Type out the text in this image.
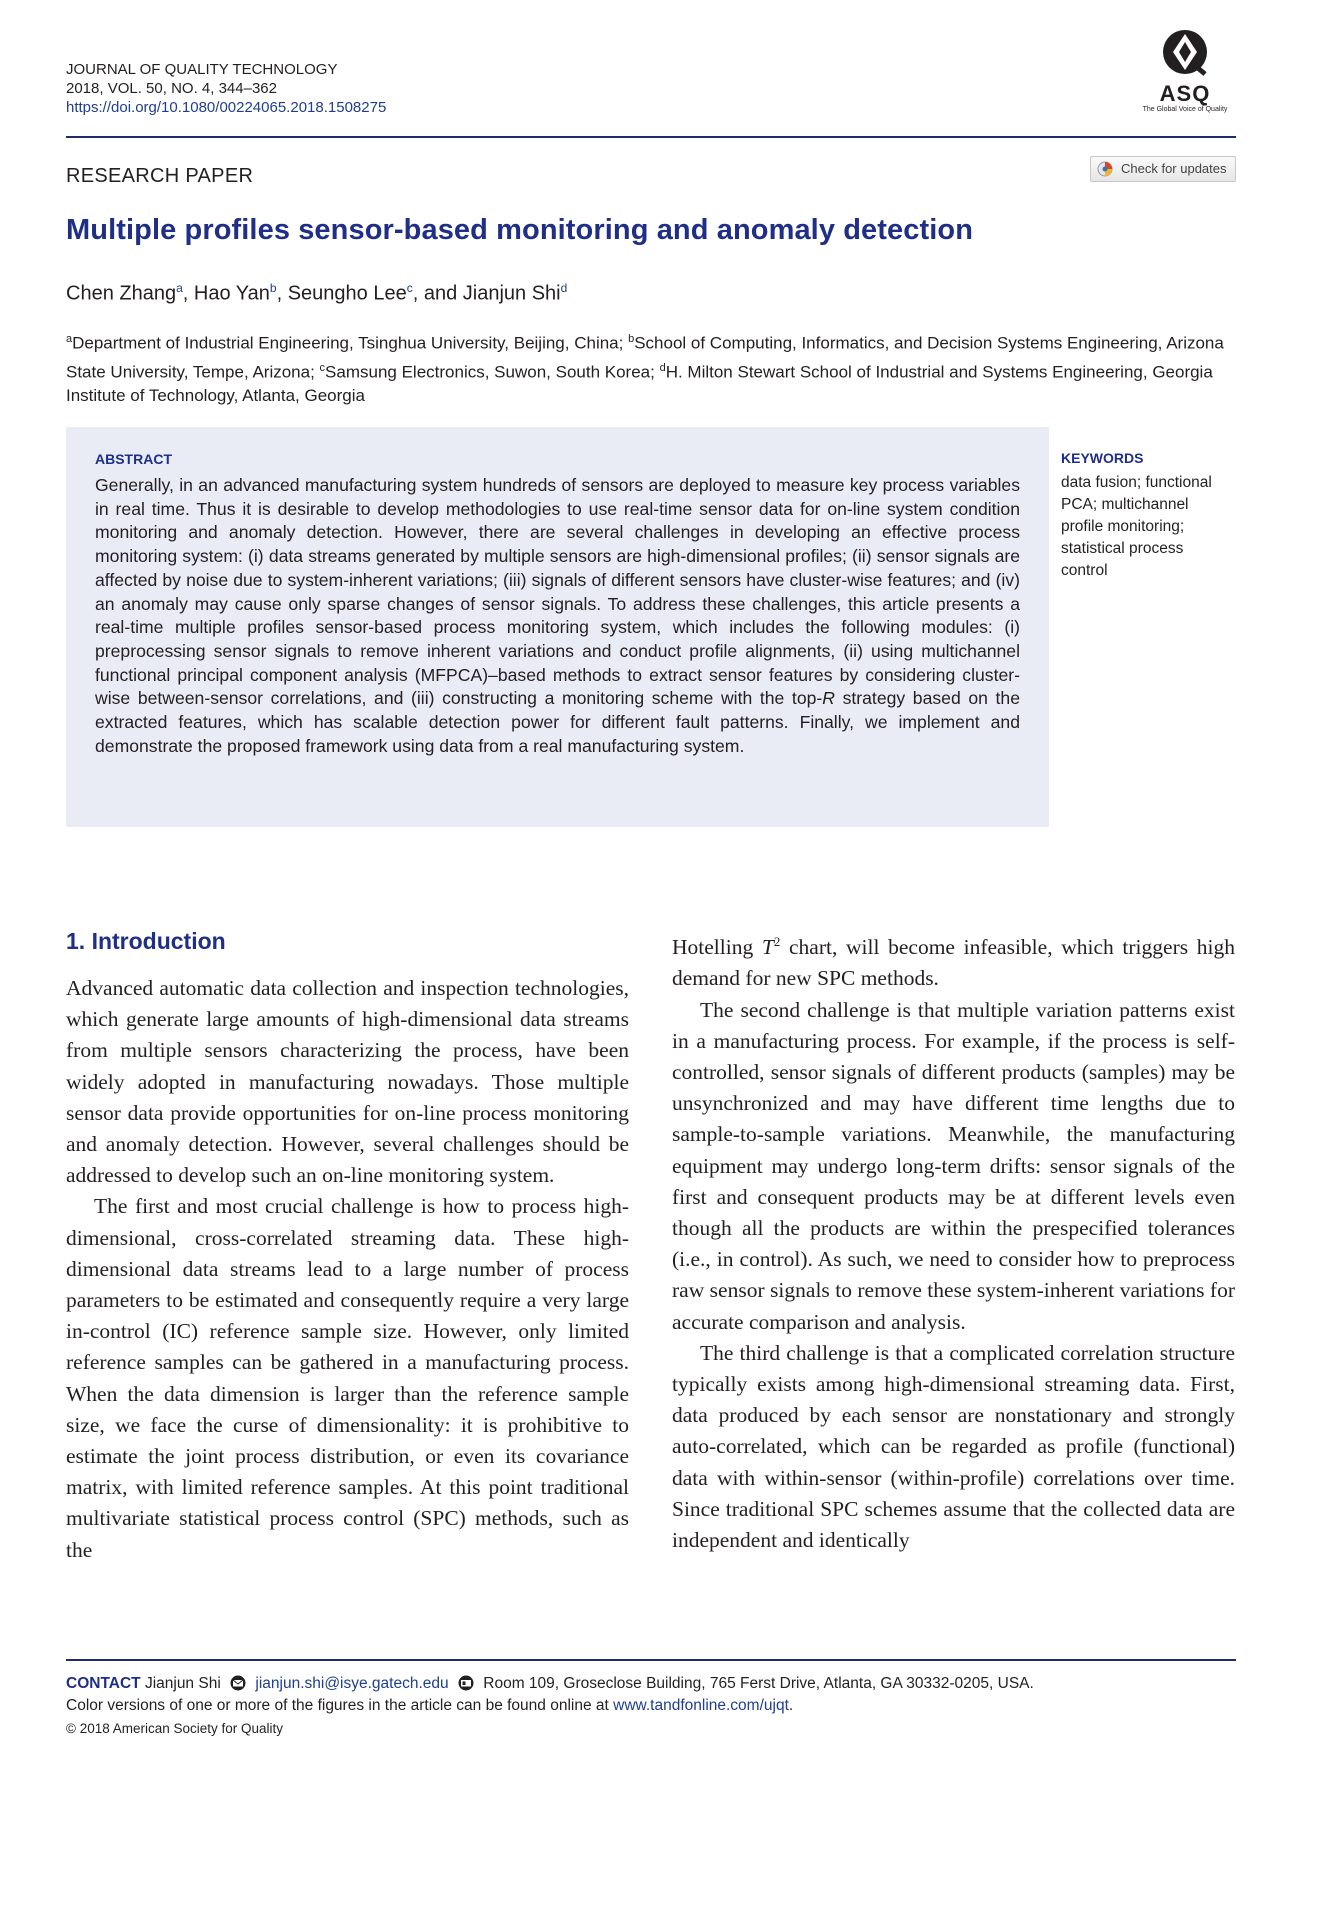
JOURNAL OF QUALITY TECHNOLOGY
2018, VOL. 50, NO. 4, 344–362
https://doi.org/10.1080/00224065.2018.1508275
ASQ
The Global Voice of Quality
RESEARCH PAPER	Check for updates
Multiple profiles sensor-based monitoring and anomaly detection
Chen Zhang$^a$, Hao Yan$^b$, Seungho Lee$^c$, and Jianjun Shi$^d$
$^a$Department of Industrial Engineering, Tsinghua University, Beijing, China; $^b$School of Computing, Informatics, and Decision Systems Engineering, Arizona State University, Tempe, Arizona; $^c$Samsung Electronics, Suwon, South Korea; $^d$H. Milton Stewart School of Industrial and Systems Engineering, Georgia Institute of Technology, Atlanta, Georgia
ABSTRACT
Generally, in an advanced manufacturing system hundreds of sensors are deployed to measure key process variables in real time. Thus it is desirable to develop methodologies to use real-time sensor data for on-line system condition monitoring and anomaly detection. However, there are several challenges in developing an effective process monitoring system: (i) data streams generated by multiple sensors are high-dimensional profiles; (ii) sensor signals are affected by noise due to system-inherent variations; (iii) signals of different sensors have cluster-wise features; and (iv) an anomaly may cause only sparse changes of sensor signals. To address these challenges, this article presents a real-time multiple profiles sensor-based process monitoring system, which includes the following modules: (i) preprocessing sensor signals to remove inherent variations and conduct profile alignments, (ii) using multichannel functional principal component analysis (MFPCA)–based methods to extract sensor features by considering cluster-wise between-sensor correlations, and (iii) constructing a monitoring scheme with the top-R strategy based on the extracted features, which has scalable detection power for different fault patterns. Finally, we implement and demonstrate the proposed framework using data from a real manufacturing system.
KEYWORDS
data fusion; functional PCA; multichannel profile monitoring; statistical process control
1. Introduction

Advanced automatic data collection and inspection technologies, which generate large amounts of high-dimensional data streams from multiple sensors characterizing the process, have been widely adopted in manufacturing nowadays. Those multiple sensor data provide opportunities for on-line process monitoring and anomaly detection. However, several challenges should be addressed to develop such an on-line monitoring system.

The first and most crucial challenge is how to process high-dimensional, cross-correlated streaming data. These high-dimensional data streams lead to a large number of process parameters to be estimated and consequently require a very large in-control (IC) reference sample size. However, only limited reference samples can be gathered in a manufacturing process. When the data dimension is larger than the reference sample size, we face the curse of dimensionality: it is prohibitive to estimate the joint process distribution, or even its covariance matrix, with limited reference samples. At this point traditional multivariate statistical process control (SPC) methods, such as the

Hotelling $T^2$ chart, will become infeasible, which triggers high demand for new SPC methods.

The second challenge is that multiple variation patterns exist in a manufacturing process. For example, if the process is self-controlled, sensor signals of different products (samples) may be unsynchronized and may have different time lengths due to sample-to-sample variations. Meanwhile, the manufacturing equipment may undergo long-term drifts: sensor signals of the first and consequent products may be at different levels even though all the products are within the prespecified tolerances (i.e., in control). As such, we need to consider how to preprocess raw sensor signals to remove these system-inherent variations for accurate comparison and analysis.

The third challenge is that a complicated correlation structure typically exists among high-dimensional streaming data. First, data produced by each sensor are nonstationary and strongly auto-correlated, which can be regarded as profile (functional) data with within-sensor (within-profile) correlations over time. Since traditional SPC schemes assume that the collected data are independent and identically

CONTACT Jianjun Shi jianjun.shi@isye.gatech.edu Room 109, Groseclose Building, 765 Ferst Drive, Atlanta, GA 30332-0205, USA.
Color versions of one or more of the figures in the article can be found online at www.tandfonline.com/ujqt.
© 2018 American Society for Quality
